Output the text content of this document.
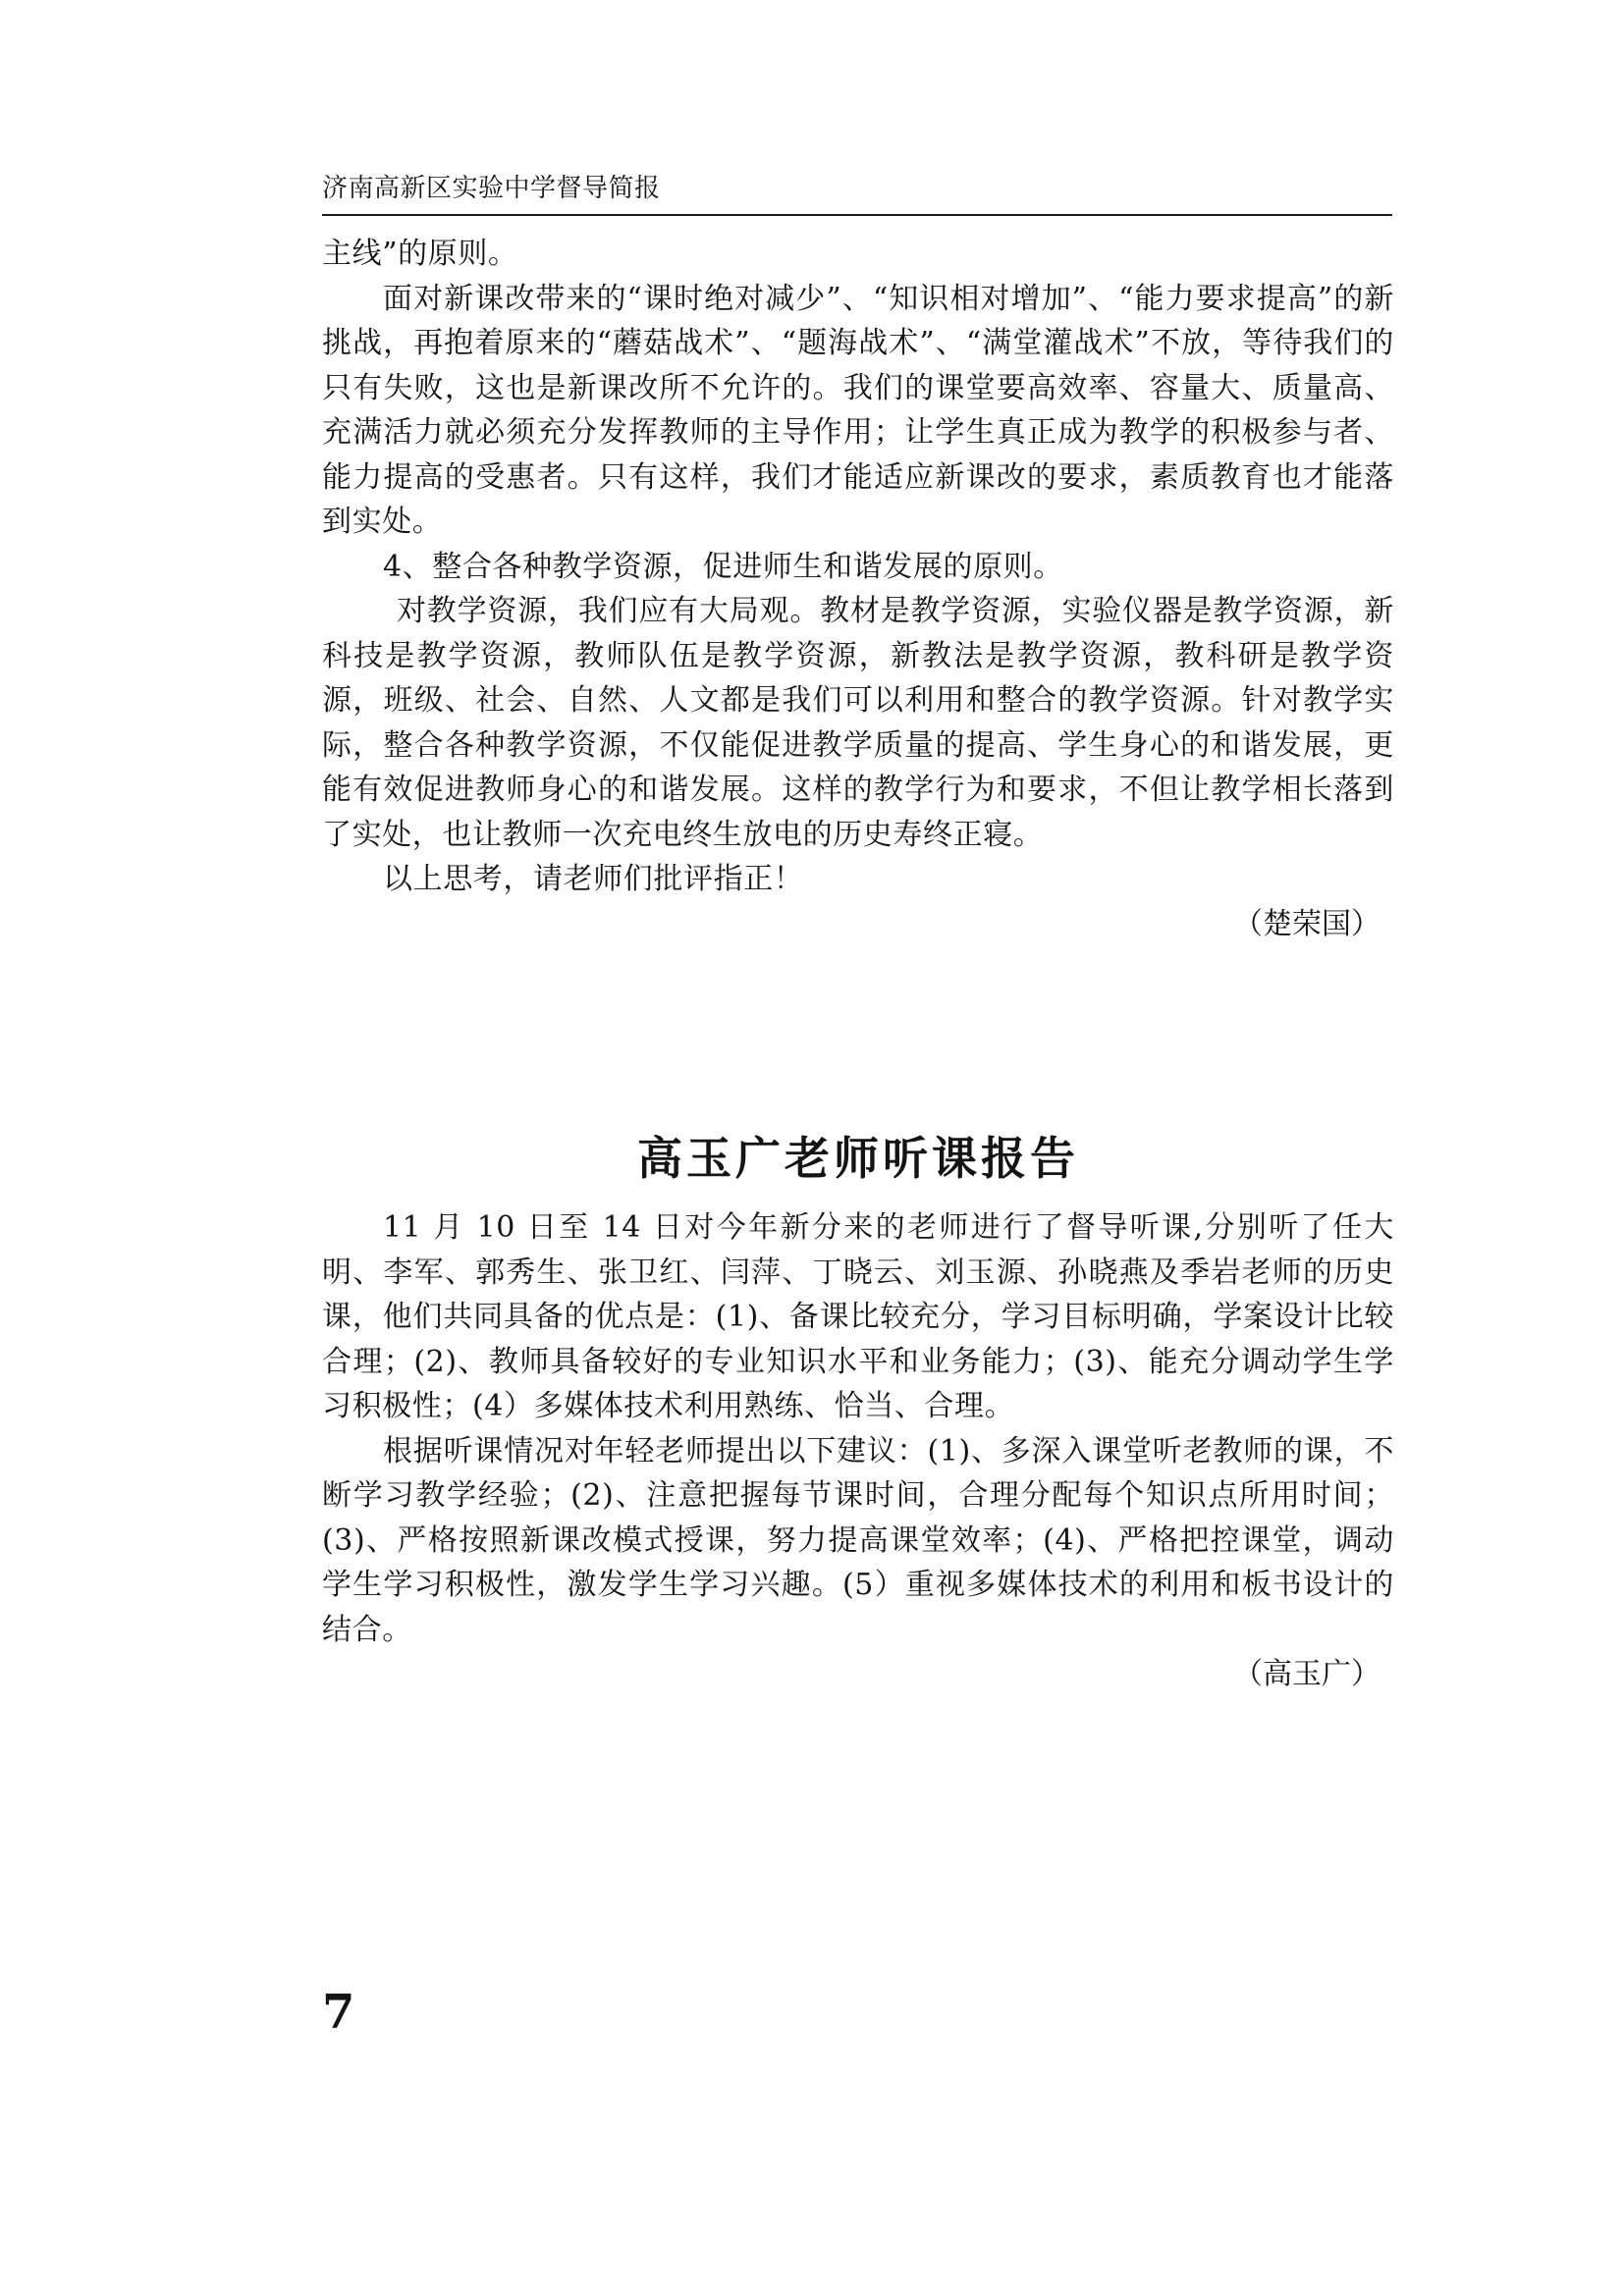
济南高新区实验中学督导简报

主线”的原则。

面对新课改带来的“课时绝对减少”、“知识相对增加”、“能力要求提高”的新挑战，再抱着原来的“蘑菇战术”、“题海战术”、“满堂灌战术”不放，等待我们的只有失败，这也是新课改所不允许的。我们的课堂要高效率、容量大、质量高、充满活力就必须充分发挥教师的主导作用；让学生真正成为教学的积极参与者、能力提高的受惠者。只有这样，我们才能适应新课改的要求，素质教育也才能落到实处。

4、整合各种教学资源，促进师生和谐发展的原则。

对教学资源，我们应有大局观。教材是教学资源，实验仪器是教学资源，新科技是教学资源，教师队伍是教学资源，新教法是教学资源，教科研是教学资源，班级、社会、自然、人文都是我们可以利用和整合的教学资源。针对教学实际，整合各种教学资源，不仅能促进教学质量的提高、学生身心的和谐发展，更能有效促进教师身心的和谐发展。这样的教学行为和要求，不但让教学相长落到了实处，也让教师一次充电终生放电的历史寿终正寝。

以上思考，请老师们批评指正！

（楚荣国）

高玉广老师听课报告

11 月 10 日至 14 日对今年新分来的老师进行了督导听课,分别听了任大明、李军、郭秀生、张卫红、闫萍、丁晓云、刘玉源、孙晓燕及季岩老师的历史课，他们共同具备的优点是：(1)、备课比较充分，学习目标明确，学案设计比较合理；(2)、教师具备较好的专业知识水平和业务能力；(3)、能充分调动学生学习积极性；(4）多媒体技术利用熟练、恰当、合理。

根据听课情况对年轻老师提出以下建议：(1)、多深入课堂听老教师的课，不断学习教学经验；(2)、注意把握每节课时间，合理分配每个知识点所用时间；(3)、严格按照新课改模式授课，努力提高课堂效率；(4)、严格把控课堂，调动学生学习积极性，激发学生学习兴趣。(5）重视多媒体技术的利用和板书设计的结合。

（高玉广）

7
